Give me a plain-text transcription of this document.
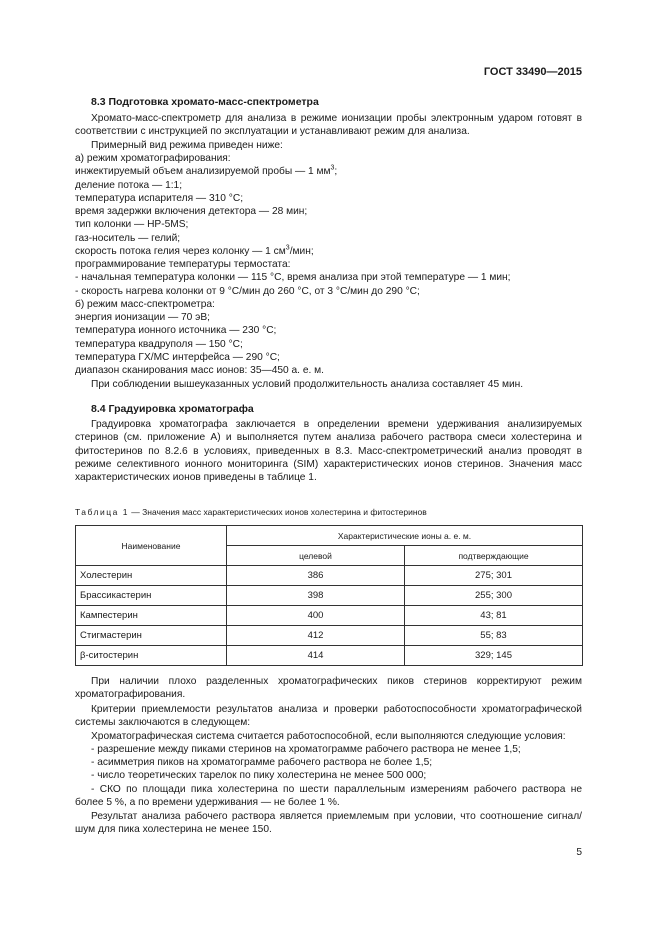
ГОСТ 33490—2015
8.3 Подготовка хромато-масс-спектрометра
Хромато-масс-спектрометр для анализа в режиме ионизации пробы электронным ударом готовят в соответствии с инструкцией по эксплуатации и устанавливают режим для анализа.
Примерный вид режима приведен ниже:
а) режим хроматографирования:
инжектируемый объем анализируемой пробы — 1 $мм^3$;
деление потока — 1:1;
температура испарителя — 310 °C;
время задержки включения детектора — 28 мин;
тип колонки — HP-5MS;
газ-носитель — гелий;
скорость потока гелия через колонку — 1 $см^3$/мин;
программирование температуры термостата:
- начальная температура колонки — 115 °C, время анализа при этой температуре — 1 мин;
- скорость нагрева колонки от 9 °C/мин до 260 °C, от 3 °C/мин до 290 °C;
б) режим масс-спектрометра:
энергия ионизации — 70 эВ;
температура ионного источника — 230 °C;
температура квадруполя — 150 °C;
температура ГХ/МС интерфейса — 290 °C;
диапазон сканирования масс ионов: 35—450 а. е. м.
При соблюдении вышеуказанных условий продолжительность анализа составляет 45 мин.
8.4 Градуировка хроматографа
Градуировка хроматографа заключается в определении времени удерживания анализируемых стеринов (см. приложение А) и выполняется путем анализа рабочего раствора смеси холестерина и фитостеринов по 8.2.6 в условиях, приведенных в 8.3. Масс-спектрометрический анализ проводят в режиме селективного ионного мониторинга (SIM) характеристических ионов стеринов. Значения масс характеристических ионов приведены в таблице 1.
Таблица 1 — Значения масс характеристических ионов холестерина и фитостеринов
Наименование	Характеристические ионы а. е. м.	
	целевой	подтверждающие
Холестерин	386	275; 301
Брассикастерин	398	255; 300
Кампестерин	400	43; 81
Стигмастерин	412	55; 83
β-ситостерин	414	329; 145
При наличии плохо разделенных хроматографических пиков стеринов корректируют режим хроматографирования.
Критерии приемлемости результатов анализа и проверки работоспособности хроматографической системы заключаются в следующем:
Хроматографическая система считается работоспособной, если выполняются следующие условия:
- разрешение между пиками стеринов на хроматограмме рабочего раствора не менее 1,5;
- асимметрия пиков на хроматограмме рабочего раствора не более 1,5;
- число теоретических тарелок по пику холестерина не менее 500 000;
- СКО по площади пика холестерина по шести параллельным измерениям рабочего раствора не более 5 %, а по времени удерживания — не более 1 %.
Результат анализа рабочего раствора является приемлемым при условии, что соотношение сигнал/шум для пика холестерина не менее 150.
5
